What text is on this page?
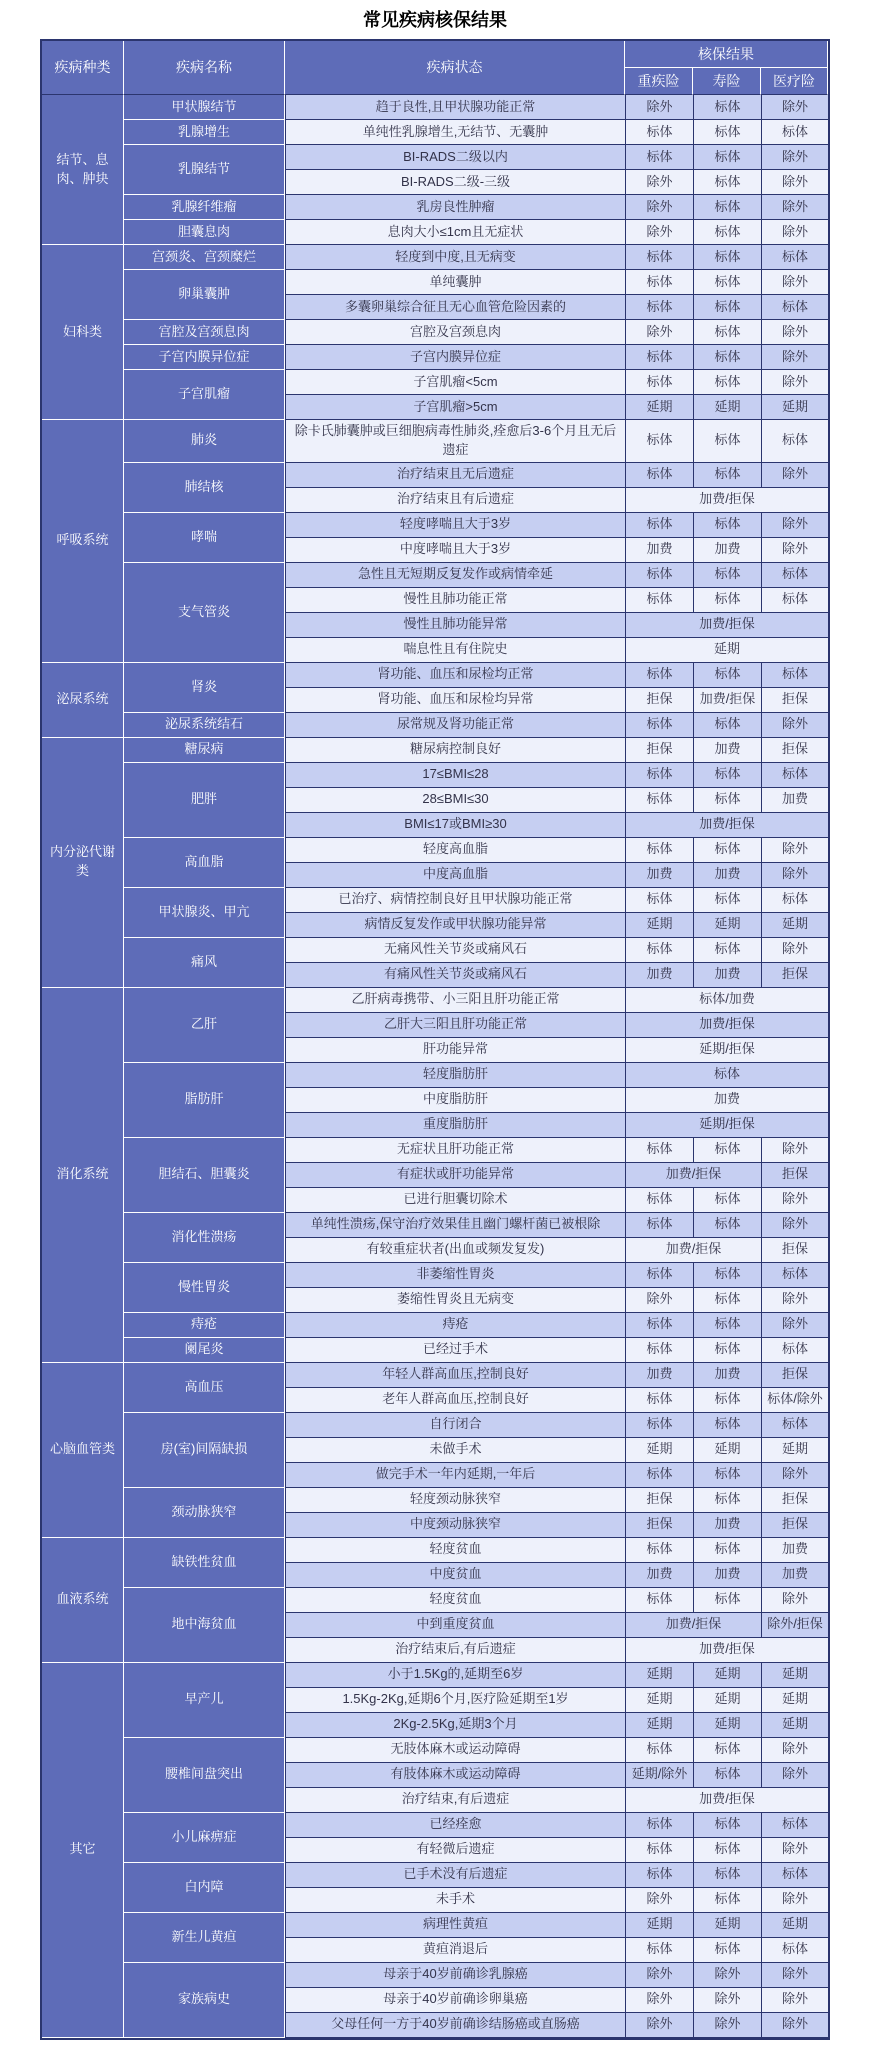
常见疾病核保结果
疾病种类	疾病名称	疾病状态	核保结果		
			重疾险	寿险	医疗险
结节、息肉、肿块	甲状腺结节	趋于良性,且甲状腺功能正常	除外	标体	除外
	乳腺增生	单纯性乳腺增生,无结节、无囊肿	标体	标体	标体
	乳腺结节	BI-RADS二级以内	标体	标体	除外
		BI-RADS二级-三级	除外	标体	除外
	乳腺纤维瘤	乳房良性肿瘤	除外	标体	除外
	胆囊息肉	息肉大小≤1cm且无症状	除外	标体	除外
妇科类	宫颈炎、宫颈糜烂	轻度到中度,且无病变	标体	标体	标体
	卵巢囊肿	单纯囊肿	标体	标体	除外
		多囊卵巢综合征且无心血管危险因素的	标体	标体	标体
	宫腔及宫颈息肉	宫腔及宫颈息肉	除外	标体	除外
	子宫内膜异位症	子宫内膜异位症	标体	标体	除外
	子宫肌瘤	子宫肌瘤<5cm	标体	标体	除外
		子宫肌瘤>5cm	延期	延期	延期
呼吸系统	肺炎	除卡氏肺囊肿或巨细胞病毒性肺炎,痊愈后3-6个月且无后遗症	标体	标体	标体
	肺结核	治疗结束且无后遗症	标体	标体	除外
		治疗结束且有后遗症	加费/拒保		
	哮喘	轻度哮喘且大于3岁	标体	标体	除外
		中度哮喘且大于3岁	加费	加费	除外
	支气管炎	急性且无短期反复发作或病情牵延	标体	标体	标体
		慢性且肺功能正常	标体	标体	标体
		慢性且肺功能异常	加费/拒保		
		喘息性且有住院史	延期		
泌尿系统	肾炎	肾功能、血压和尿检均正常	标体	标体	标体
		肾功能、血压和尿检均异常	拒保	加费/拒保	拒保
	泌尿系统结石	尿常规及肾功能正常	标体	标体	除外
内分泌代谢类	糖尿病	糖尿病控制良好	拒保	加费	拒保
	肥胖	17≤BMI≤28	标体	标体	标体
		28≤BMI≤30	标体	标体	加费
		BMI≤17或BMI≥30	加费/拒保		
	高血脂	轻度高血脂	标体	标体	除外
		中度高血脂	加费	加费	除外
	甲状腺炎、甲亢	已治疗、病情控制良好且甲状腺功能正常	标体	标体	标体
		病情反复发作或甲状腺功能异常	延期	延期	延期
	痛风	无痛风性关节炎或痛风石	标体	标体	除外
		有痛风性关节炎或痛风石	加费	加费	拒保
消化系统	乙肝	乙肝病毒携带、小三阳且肝功能正常	标体/加费		
		乙肝大三阳且肝功能正常	加费/拒保		
		肝功能异常	延期/拒保		
	脂肪肝	轻度脂肪肝	标体		
		中度脂肪肝	加费		
		重度脂肪肝	延期/拒保		
	胆结石、胆囊炎	无症状且肝功能正常	标体	标体	除外
		有症状或肝功能异常	加费/拒保		拒保
		已进行胆囊切除术	标体	标体	除外
	消化性溃疡	单纯性溃疡,保守治疗效果佳且幽门螺杆菌已被根除	标体	标体	除外
		有较重症状者(出血或频发复发)	加费/拒保		拒保
	慢性胃炎	非萎缩性胃炎	标体	标体	标体
		萎缩性胃炎且无病变	除外	标体	除外
	痔疮	痔疮	标体	标体	除外
	阑尾炎	已经过手术	标体	标体	标体
心脑血管类	高血压	年轻人群高血压,控制良好	加费	加费	拒保
		老年人群高血压,控制良好	标体	标体	标体/除外
	房(室)间隔缺损	自行闭合	标体	标体	标体
		未做手术	延期	延期	延期
		做完手术一年内延期,一年后	标体	标体	除外
	颈动脉狭窄	轻度颈动脉狭窄	拒保	标体	拒保
		中度颈动脉狭窄	拒保	加费	拒保
血液系统	缺铁性贫血	轻度贫血	标体	标体	加费
		中度贫血	加费	加费	加费
	地中海贫血	轻度贫血	标体	标体	除外
		中到重度贫血	加费/拒保		除外/拒保
		治疗结束后,有后遗症	加费/拒保		
其它	早产儿	小于1.5Kg的,延期至6岁	延期	延期	延期
		1.5Kg-2Kg,延期6个月,医疗险延期至1岁	延期	延期	延期
		2Kg-2.5Kg,延期3个月	延期	延期	延期
	腰椎间盘突出	无肢体麻木或运动障碍	标体	标体	除外
		有肢体麻木或运动障碍	延期/除外	标体	除外
		治疗结束,有后遗症	加费/拒保		
	小儿麻痹症	已经痊愈	标体	标体	标体
		有轻微后遗症	标体	标体	除外
	白内障	已手术没有后遗症	标体	标体	标体
		未手术	除外	标体	除外
	新生儿黄疸	病理性黄疸	延期	延期	延期
		黄疸消退后	标体	标体	标体
	家族病史	母亲于40岁前确诊乳腺癌	除外	除外	除外
		母亲于40岁前确诊卵巢癌	除外	除外	除外
		父母任何一方于40岁前确诊结肠癌或直肠癌	除外	除外	除外
